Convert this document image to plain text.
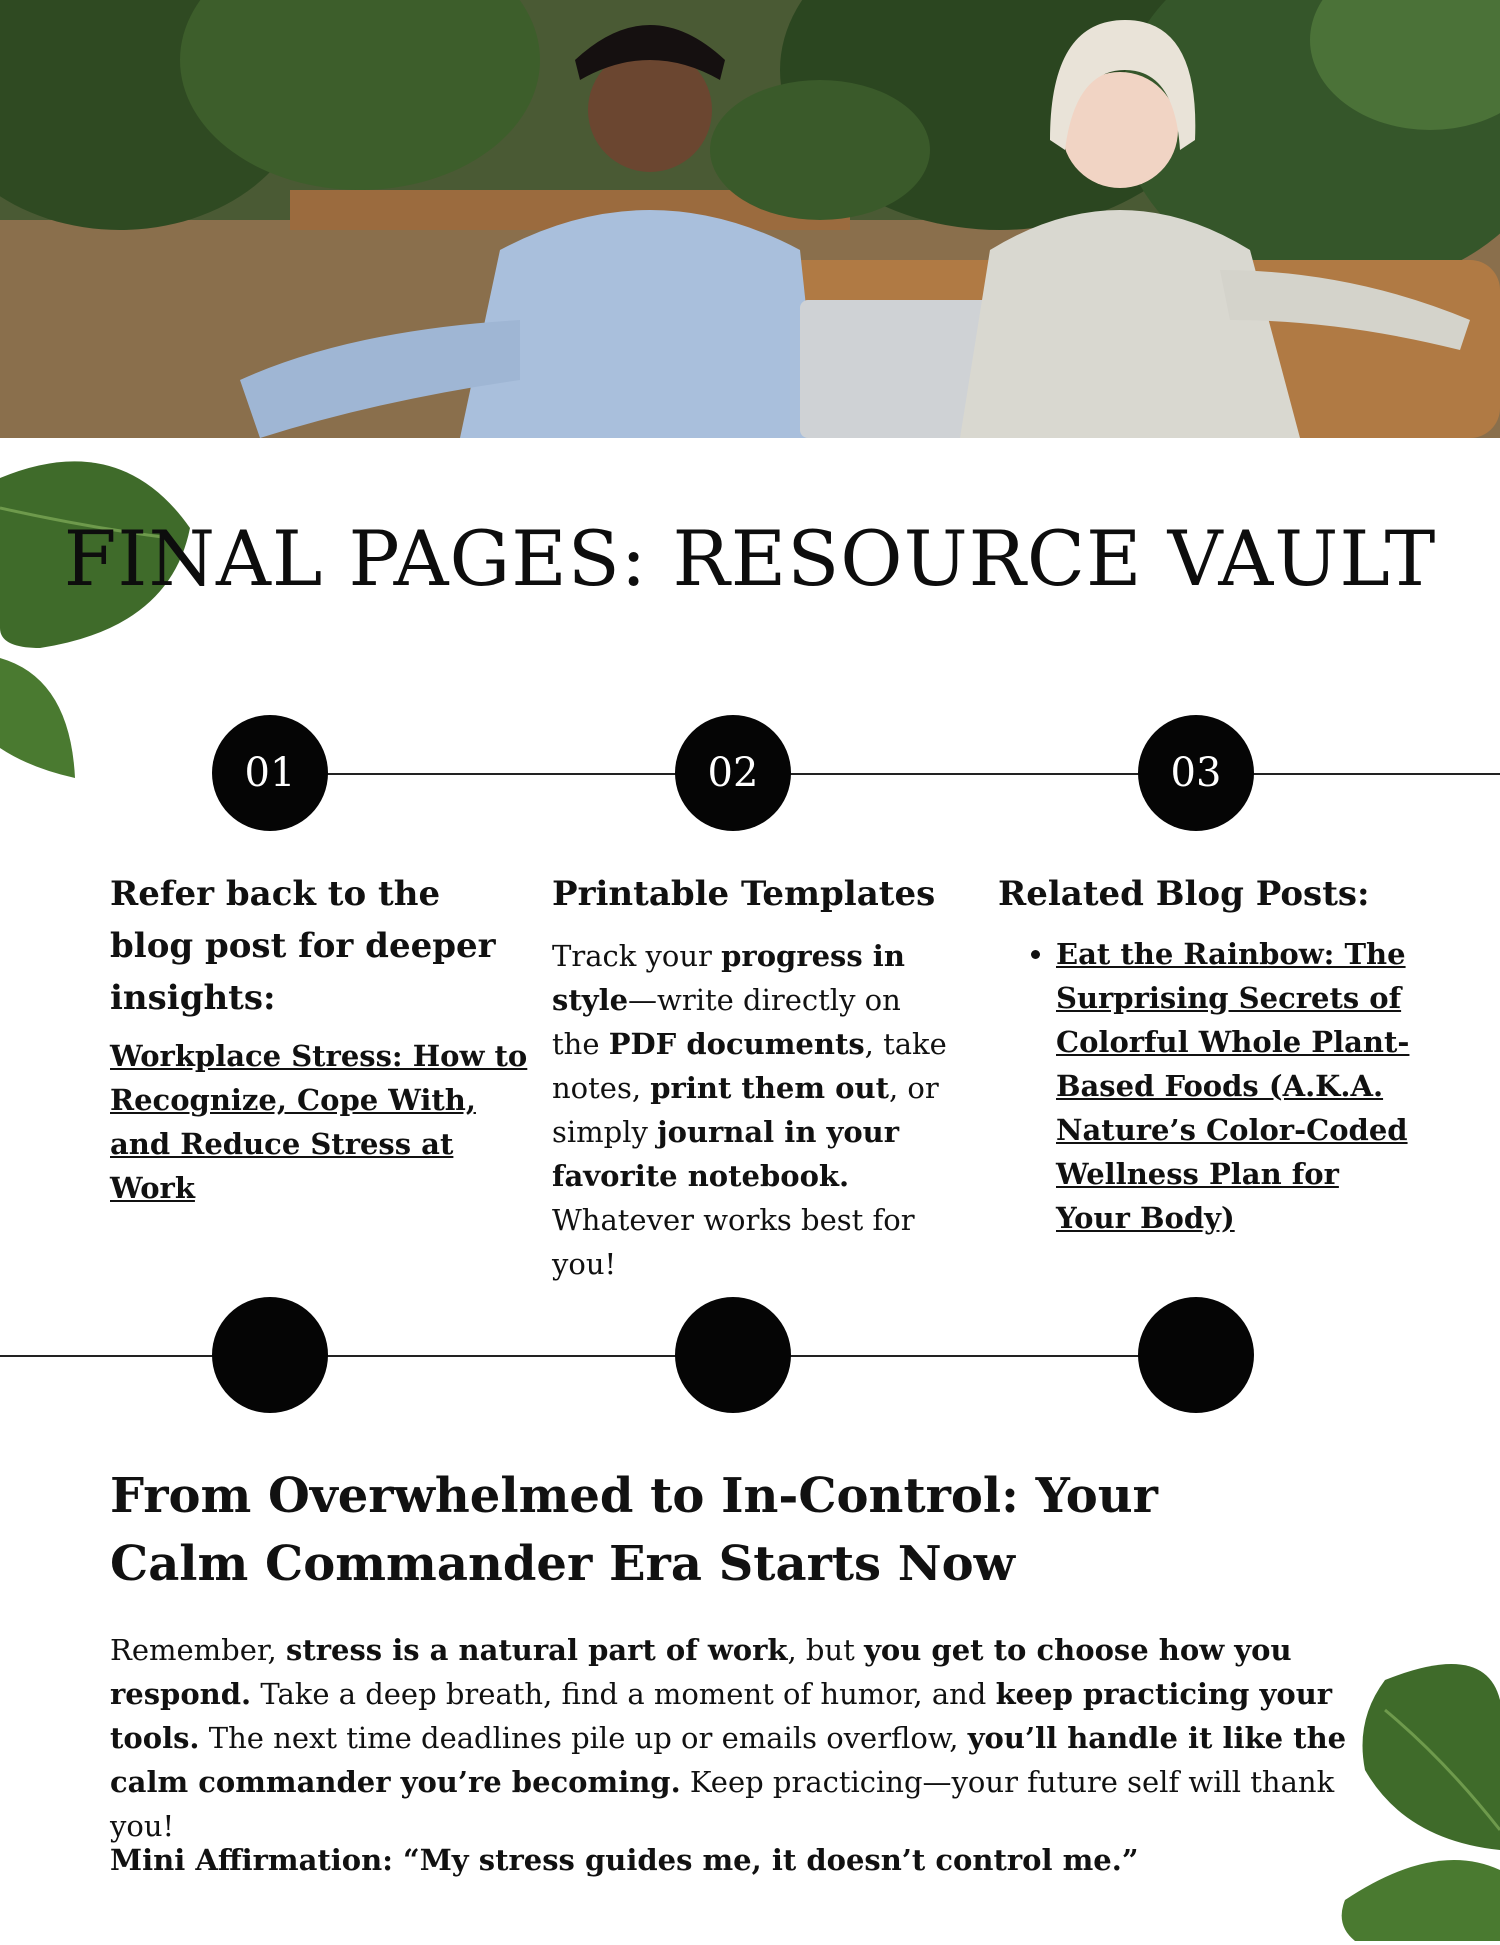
FINAL PAGES: RESOURCE VAULT
01	02	03
Refer back to the blog post for deeper insights:
Workplace Stress: How to Recognize, Cope With, and Reduce Stress at Work
Printable Templates

Track your progress in style—write directly on the PDF documents, take notes, print them out, or simply journal in your favorite notebook. Whatever works best for you!

Related Blog Posts:
• Eat the Rainbow: The Surprising Secrets of Colorful Whole Plant-Based Foods (A.K.A. Nature’s Color-Coded Wellness Plan for Your Body)
From Overwhelmed to In-Control: Your Calm Commander Era Starts Now

Remember, stress is a natural part of work, but you get to choose how you respond. Take a deep breath, find a moment of humor, and keep practicing your tools. The next time deadlines pile up or emails overflow, you’ll handle it like the calm commander you’re becoming. Keep practicing—your future self will thank you!

Mini Affirmation: “My stress guides me, it doesn’t control me.”
